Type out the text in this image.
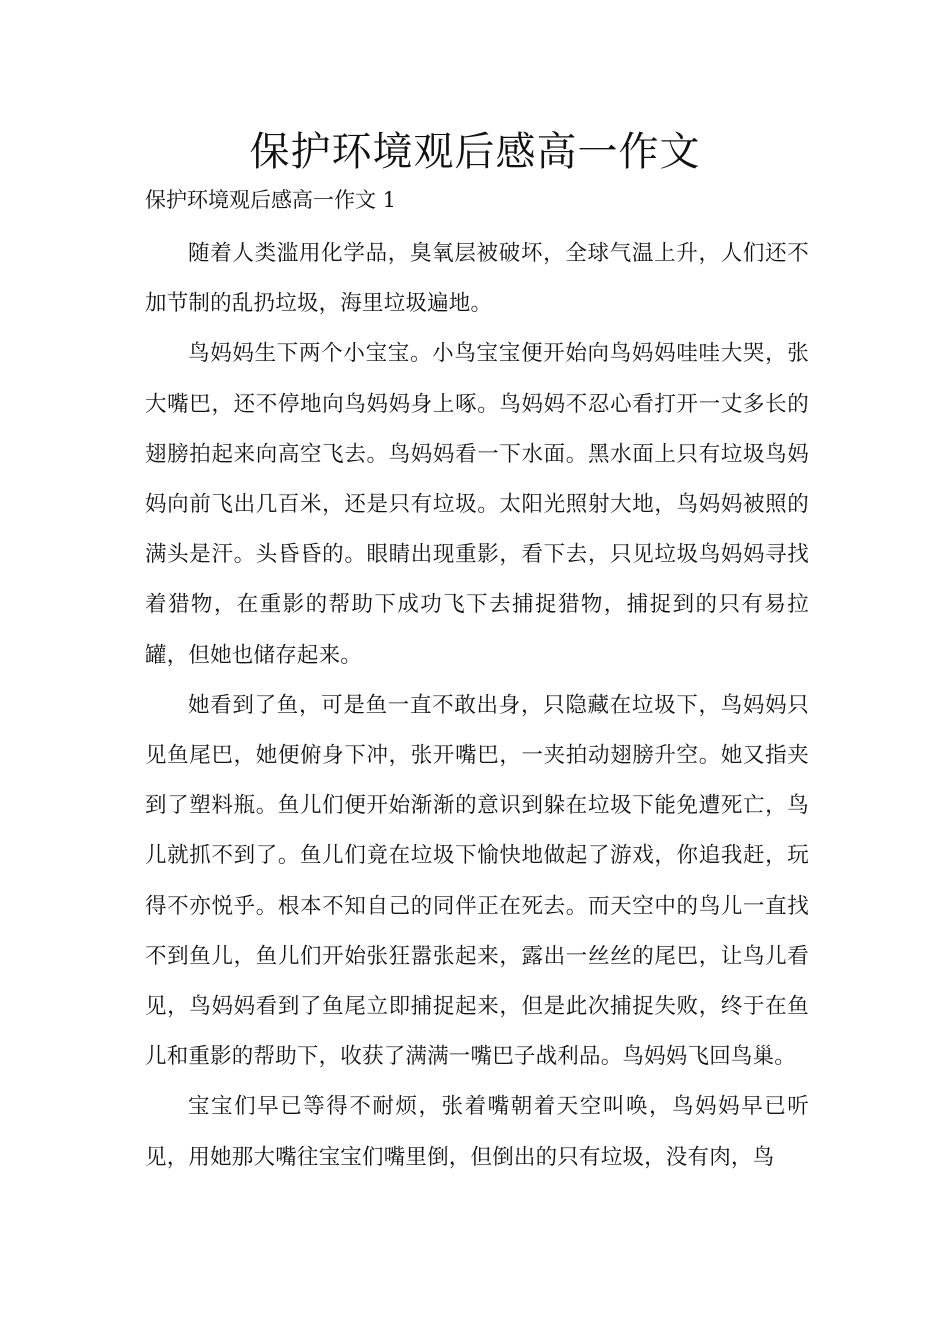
保护环境观后感高一作文

保护环境观后感高一作文 1

随着人类滥用化学品，臭氧层被破坏，全球气温上升，人们还不加节制的乱扔垃圾，海里垃圾遍地。

鸟妈妈生下两个小宝宝。小鸟宝宝便开始向鸟妈妈哇哇大哭，张大嘴巴，还不停地向鸟妈妈身上啄。鸟妈妈不忍心看打开一丈多长的翅膀拍起来向高空飞去。鸟妈妈看一下水面。黑水面上只有垃圾鸟妈妈向前飞出几百米，还是只有垃圾。太阳光照射大地，鸟妈妈被照的满头是汗。头昏昏的。眼睛出现重影，看下去，只见垃圾鸟妈妈寻找着猎物，在重影的帮助下成功飞下去捕捉猎物，捕捉到的只有易拉罐，但她也储存起来。

她看到了鱼，可是鱼一直不敢出身，只隐藏在垃圾下，鸟妈妈只见鱼尾巴，她便俯身下冲，张开嘴巴，一夹拍动翅膀升空。她又指夹到了塑料瓶。鱼儿们便开始渐渐的意识到躲在垃圾下能免遭死亡，鸟儿就抓不到了。鱼儿们竟在垃圾下愉快地做起了游戏，你追我赶，玩得不亦悦乎。根本不知自己的同伴正在死去。而天空中的鸟儿一直找不到鱼儿，鱼儿们开始张狂嚣张起来，露出一丝丝的尾巴，让鸟儿看见，鸟妈妈看到了鱼尾立即捕捉起来，但是此次捕捉失败，终于在鱼儿和重影的帮助下，收获了满满一嘴巴子战利品。鸟妈妈飞回鸟巢。

宝宝们早已等得不耐烦，张着嘴朝着天空叫唤，鸟妈妈早已听见，用她那大嘴往宝宝们嘴里倒，但倒出的只有垃圾，没有肉，鸟
